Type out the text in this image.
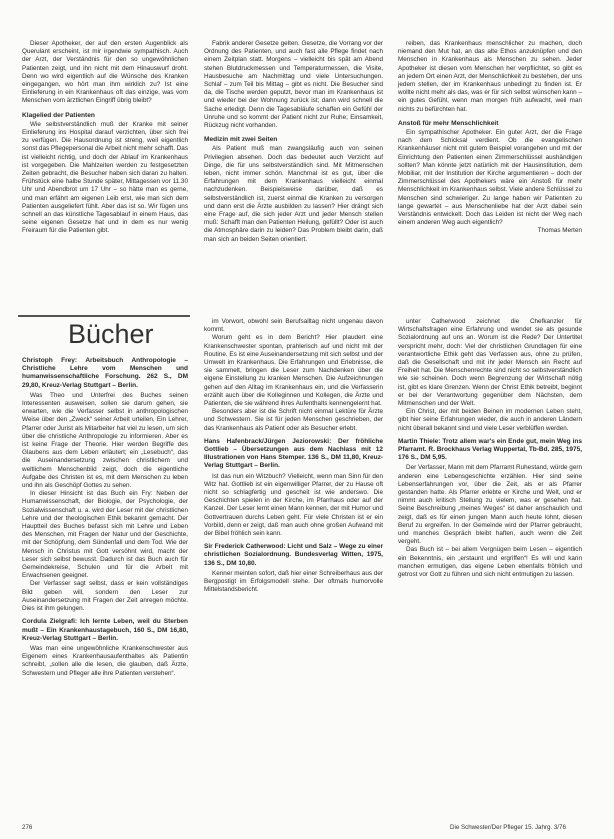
Dieser Apotheker, der auf den ersten Augenblick als Querulant erscheint, ist mir irgendwie sympathisch. Auch der Arzt, der Verständnis für den so ungewöhnlichen Patienten zeigt, und ihn nicht mit dem Hinauswurf droht. Denn wo wird eigentlich auf die Wünsche des Kranken eingegangen, wo hört man ihm wirklich zu? Ist eine Einlieferung in ein Krankenhaus oft das einzige, was vom Menschen vom ärztlichen Eingriff übrig bleibt?

Klagelied der Patienten

Wie selbstverständlich muß der Kranke mit seiner Einlieferung ins Hospital darauf verzichten, über sich frei zu verfügen. Die Hausordnung ist streng, weil eigentlich sonst das Pflegepersonal die Arbeit nicht mehr schafft. Das ist vielleicht richtig, und doch der Ablauf im Krankenhaus ist vorgegeben. Die Mahlzeiten werden zu festgesetzten Zeiten gebracht, die Besucher haben sich daran zu halten. Frühstück eine halbe Stunde später, Mittagessen vor 11.30 Uhr und Abendbrot um 17 Uhr – so hätte man es gerne, und man erfährt am eigenen Leib erst, wie man sich dem Patienten ausgeliefert fühlt. Aber das ist so. Wir fügen uns schnell an das künstliche Tagesablauf in einem Haus, das seine eigenen Gesetze hat und in dem es nur wenig Freiraum für die Patienten gibt.

Fabrik anderer Gesetze gelten. Gesetze, die Vorrang vor der Ordnung des Patienten, und auch fast alle Pflege findet nach einem Zeitplan statt. Morgens – vielleicht bis spät am Abend stehen Blutdruckmessen und Temperaturmessen, die Visite, Hausbesuche am Nachmittag und viele Untersuchungen. Schlaf – zum Teil bis Mittag – gibt es nicht. Die Besucher sind da, die Tische werden geputzt, bevor man im Krankenhaus ist und wieder bei der Wohnung zurück ist; dann wird schnell die Sache erledigt. Denn die Tagesabläufe schaffen ein Gefühl der Unruhe und so kommt der Patient nicht zur Ruhe; Einsamkeit, Rückzug nicht vorhanden.

Medizin mit zwei Seiten

Als Patient muß man zwangsläufig auch von seinen Privilegien absehen. Doch das bedeutet auch Verzicht auf Dinge, die für uns selbstverständlich sind. Mit Mitmenschen leben, nicht immer schön. Manchmal ist es gut, über die Erfahrungen mit dem Krankenhaus vielleicht einmal nachzudenken. Beispielsweise darüber, daß es selbstverständlich ist, zuerst einmal die Kranken zu versorgen und dann erst die Ärzte ausbilden zu lassen? Hier drängt sich eine Frage auf, die sich jeder Arzt und jeder Mensch stellen muß: Schafft man den Patienten Heilung, gefüllt? Oder ist auch die Atmosphäre darin zu leiden? Das Problem bleibt darin, daß man sich an beiden Seiten orientiert.

reiben, das Krankenhaus menschlicher zu machen, doch niemand den Mut hat, an das alte Ethos anzuknüpfen und den Menschen in Krankenhaus als Menschen zu sehen. Jeder Apotheker ist diesen vom Menschen her verpflichtet, so gibt es an jedem Ort einen Arzt, der Menschlichkeit zu bestehen, der uns jedem stellen, der im Krankenhaus unbedingt zu finden ist. Er wollte nicht mehr als das, was er für sich selbst wünschen kann – ein gutes Gefühl, wenn man morgen früh aufwacht, weil man nichts zu befürchten hat.

Anstoß für mehr Menschlichkeit

Ein sympathischer Apotheker. Ein guter Arzt, der die Frage nach dem Schicksal verdient. Ob die evangelischen Krankenhäuser nicht mit gutem Beispiel vorangehen und mit der Einrichtung den Patienten einen Zimmerschlüssel aushändigen sollten? Man könnte jetzt natürlich mit der Hausinstitution, dem Mobiliar, mit der Institution der Kirche argumentieren – doch der Zimmerschlüssel des Apothekers wäre ein Anstoß für mehr Menschlichkeit im Krankenhaus selbst. Viele andere Schlüssel zu Menschen sind schwieriger. Zu lange haben wir Patienten zu lange gewartet – aus Menschenliebe hat der Arzt dabei sein Verständnis entwickelt. Doch das Leiden ist nicht der Weg nach einem anderen Weg auch eigentlich?

Thomas Merten

Bücher

Christoph Frey: Arbeitsbuch Anthropologie – Christliche Lehre vom Menschen und humanwissenschaftliche Forschung. 262 S., DM 29,80, Kreuz-Verlag Stuttgart – Berlin.

Was Theo und Unterfrei des Buches seinen Interessenten ausweisen, sollen sie darum gehen, sie erwarten, wie die Verfasser selbst in anthropologischen Weise über den „Zweck“ seiner Arbeit urteilen. Ein Lehrer, Pfarrer oder Jurist als Mitarbeiter hat viel zu lesen, um sich über die christliche Anthropologie zu informieren. Aber es ist keine Frage der Theorie. Hier werden Begriffe des Glaubens aus dem Leben erläutert; ein „Lesebuch“, das die Auseinandersetzung zwischen christlichem und weltlichem Menschenbild zeigt, doch die eigentliche Aufgabe des Christen ist es, mit dem Menschen zu leben und ihn als Geschöpf Gottes zu sehen.

In dieser Hinsicht ist das Buch ein Fry: Neben der Humanwissenschaft, der Biologie, der Psychologie, der Sozialwissenschaft u. a. wird der Leser mit der christlichen Lehre und der theologischen Ethik bekannt gemacht. Der Hauptteil des Buches befasst sich mit Lehre und Leben des Menschen, mit Fragen der Natur und der Geschichte, mit der Schöpfung, dem Sündenfall und dem Tod. Wie der Mensch in Christus mit Gott versöhnt wird, macht der Leser sich selbst bewusst. Dadurch ist das Buch auch für Gemeindekreise, Schulen und für die Arbeit mit Erwachsenen geeignet.

Der Verfasser sagt selbst, dass er kein vollständiges Bild geben will, sondern den Leser zur Auseinandersetzung mit Fragen der Zeit anregen möchte. Dies ist ihm gelungen.

Cordula Zielgrafi: Ich lernte Leben, weil du Sterben mußt – Ein Krankenhaustagebuch, 160 S., DM 16,80, Kreuz-Verlag Stuttgart – Berlin.

Was man eine ungewöhnliche Krankenschwester aus Eigenem eines Krankenhausaufenthaltes als Patientin schreibt, „sollen alle die lesen, die glauben, daß Ärzte, Schwestern und Pfleger alle ihre Patienten verstehen“.

im Vorwort, obwohl sein Berufsalltag nicht ungenau davon kommt.

Worum geht es in dem Bericht? Hier plaudert eine Krankenschwester spontan, prahlerisch auf und nicht mit der Routine. Es ist eine Auseinandersetzung mit sich selbst und der Umwelt im Krankenhaus. Die Erfahrungen und Erlebnisse, die sie sammelt, bringen die Leser zum Nachdenken über die eigene Einstellung zu kranken Menschen. Die Aufzeichnungen gehen auf den Alltag im Krankenhaus ein, und die Verfasserin erzählt auch über die Kolleginnen und Kollegen, die Ärzte und Patienten, die sie während ihres Aufenthalts kennengelernt hat.

Besonders aber ist die Schrift nicht einmal Lektüre für Ärzte und Schwestern. Sie ist für jeden Menschen geschrieben, der das Krankenhaus als Patient oder als Besucher erlebt.

Hans Hafenbrack/Jürgen Jeziorowski: Der fröhliche Gottlieb – Übersetzungen aus dem Nachlass mit 12 Illustrationen von Hans Stemper. 136 S., DM 11,80, Kreuz-Verlag Stuttgart – Berlin.

Ist das nun ein Witzbuch? Vielleicht, wenn man Sinn für den Witz hat. Gottlieb ist ein eigenwilliger Pfarrer, der zu Hause oft nicht so schlagfertig und gescheit ist wie anderswo. Die Geschichten spielen in der Kirche, im Pfarrhaus oder auf der Kanzel. Der Leser lernt einen Mann kennen, der mit Humor und Gottvertrauen durchs Leben geht. Für viele Christen ist er ein Vorbild, denn er zeigt, daß man auch ohne großen Aufwand mit der Bibel fröhlich sein kann.

Sir Frederick Catherwood: Licht und Salz – Wege zu einer christlichen Sozialordnung. Bundesverlag Witten, 1975, 136 S., DM 10,80.

Kenner meinten sofort, daß hier einer Schreiberhaus aus der Bergpostigt im Erfolgsmodell stehe. Der oftmals humorvolle Mittelstandsbericht.

unter Catherwood zeichnet die Chefkanzler für Wirtschaftsfragen eine Erfahrung und wendet sie als gesunde Sozialordnung auf uns an. Worum ist die Rede? Der Untertitel verspricht mehr, doch: Viel der christlichen Grundlagen für eine verantwortliche Ethik geht das Verfassen aus, ohne zu prüfen, daß die Gesellschaft und mit ihr jeder Mensch ein Recht auf Freiheit hat. Die Menschenrechte sind nicht so selbstverständlich wie sie scheinen. Doch wenn Begrenzung der Wirtschaft nötig ist, gibt es klare Grenzen. Wenn der Christ Ethik betreibt, beginnt er bei der Verantwortung gegenüber dem Nächsten, dem Mitmenschen und der Welt.

Ein Christ, der mit beiden Beinen im modernen Leben steht, gibt hier seine Erfahrungen wieder, die auch in anderen Ländern nicht überall bekannt sind und viele Leser verblüffen werden.

Martin Thiele: Trotz allem war's ein Ende gut, mein Weg ins Pfarramt. R. Brockhaus Verlag Wuppertal, Tb-Bd. 285, 1975, 176 S., DM 5,95.

Der Verfasser, Mann mit dem Pfarramt Ruhestand, würde gern anderen eine Lebensgeschichte erzählen. Hier sind seine Lebenserfahrungen vor, über die Zeit, als er als Pfarrer gestanden hatte. Als Pfarrer erlebte er Kirche und Welt, und er nimmt auch kritisch Stellung zu vielem, was er gesehen hat. Seine Beschreibung „meines Weges“ ist daher anschaulich und zeigt, daß es für einen jungen Mann auch heute lohnt, diesen Beruf zu ergreifen. In der Gemeinde wird der Pfarrer gebraucht, und manches Gespräch bleibt haften, auch wenn die Zeit vergeht.

Das Buch ist – bei allem Vergnügen beim Lesen – eigentlich ein Bekenntnis, ein „erstaunt und ergriffen“! Es will und kann manchen ermutigen, das eigene Leben ebenfalls fröhlich und getrost vor Gott zu führen und sich nicht entmutigen zu lassen.

276	Die Schwester/Der Pfleger 15. Jahrg. 3/76
